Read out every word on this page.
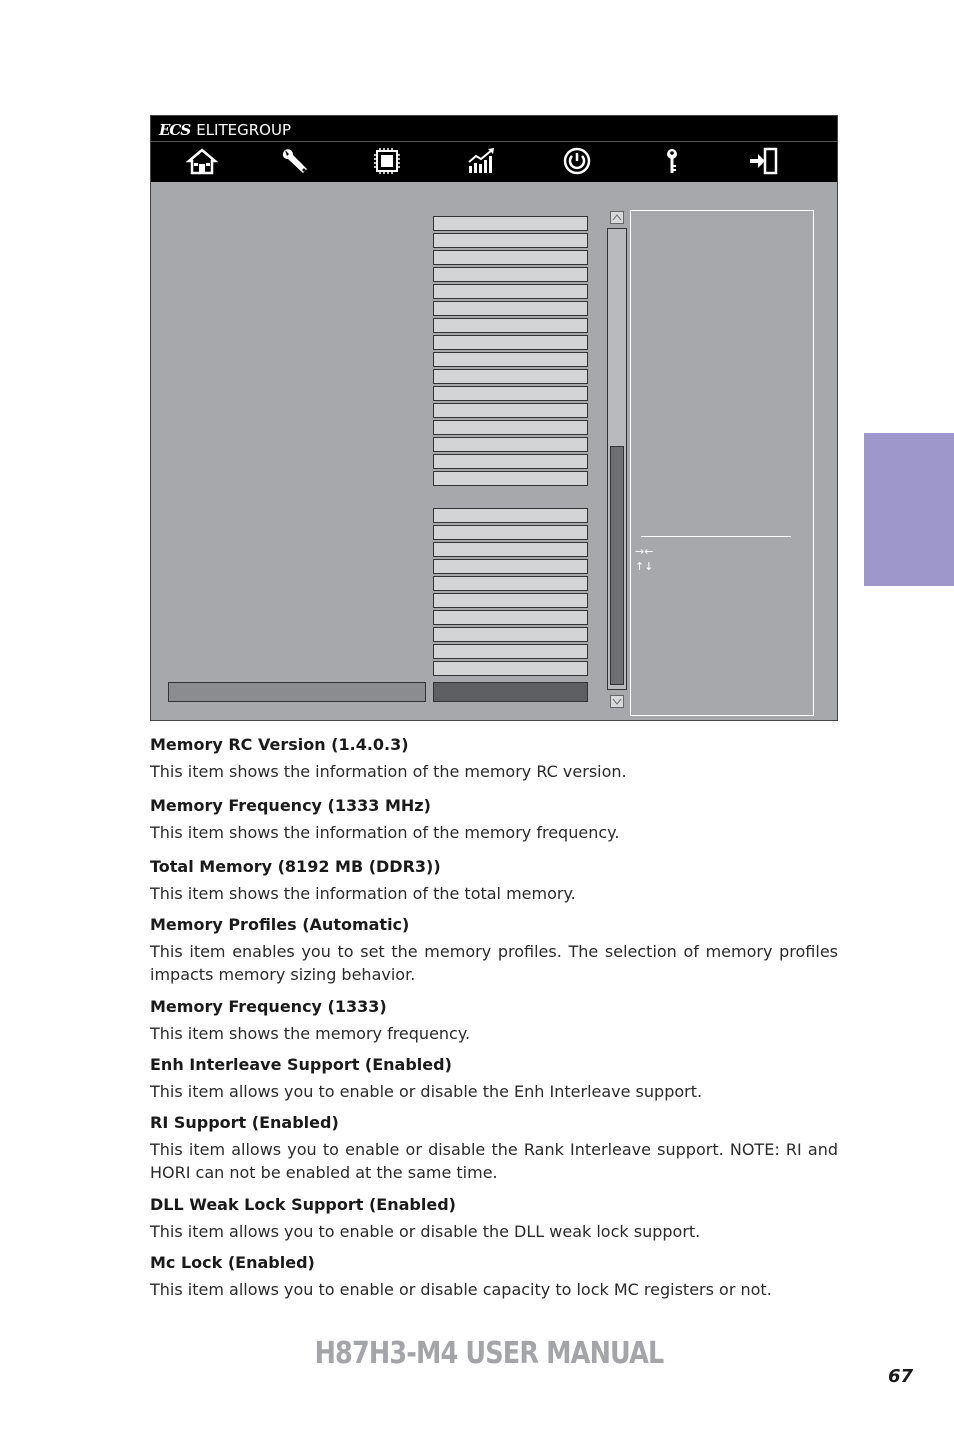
ECS ELITEGROUP
→←
↑↓
Memory RC Version (1.4.0.3)

This item shows the information of the memory RC version.

Memory Frequency (1333 MHz)

This item shows the information of the memory frequency.

Total Memory (8192 MB (DDR3))

This item shows the information of the total memory.

Memory Profiles (Automatic)

This item enables you to set the memory profiles. The selection of memory profiles impacts memory sizing behavior.

Memory Frequency (1333)

This item shows the memory frequency.

Enh Interleave Support (Enabled)

This item allows you to enable or disable the Enh Interleave support.

RI Support (Enabled)

This item allows you to enable or disable the Rank Interleave support. NOTE: RI and HORI can not be enabled at the same time.

DLL Weak Lock Support (Enabled)

This item allows you to enable or disable the DLL weak lock support.

Mc Lock (Enabled)

This item allows you to enable or disable capacity to lock MC registers or not.

H87H3-M4 USER MANUAL
67
